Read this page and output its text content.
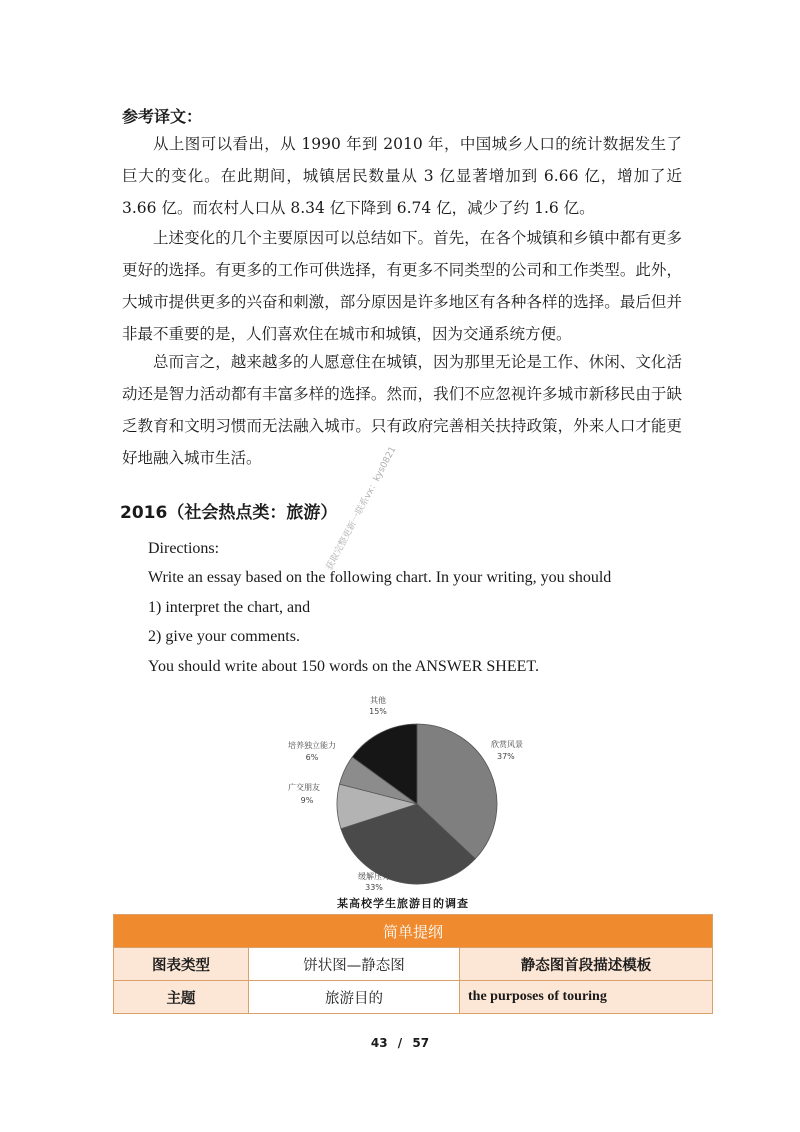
参考译文：
从上图可以看出，从 1990 年到 2010 年，中国城乡人口的统计数据发生了巨大的变化。在此期间，城镇居民数量从 3 亿显著增加到 6.66 亿，增加了近 3.66 亿。而农村人口从 8.34 亿下降到 6.74 亿，减少了约 1.6 亿。
上述变化的几个主要原因可以总结如下。首先，在各个城镇和乡镇中都有更多更好的选择。有更多的工作可供选择，有更多不同类型的公司和工作类型。此外，大城市提供更多的兴奋和刺激，部分原因是许多地区有各种各样的选择。最后但并非最不重要的是，人们喜欢住在城市和城镇，因为交通系统方便。
总而言之，越来越多的人愿意住在城镇，因为那里无论是工作、休闲、文化活动还是智力活动都有丰富多样的选择。然而，我们不应忽视许多城市新移民由于缺乏教育和文明习惯而无法融入城市。只有政府完善相关扶持政策，外来人口才能更好地融入城市生活。
2016（社会热点类：旅游）
Directions:
Write an essay based on the following chart. In your writing, you should
1) interpret the chart, and
2) give your comments.
You should write about 150 words on the ANSWER SHEET.
获取完整更新一联系vx：kys0821
其他
15%
欣赏风景
37%
培养独立能力
6%
广交朋友
9%
缓解压力
33%
某高校学生旅游目的调查
简单提纲		
图表类型	饼状图—静态图	静态图首段描述模板
主题	旅游目的	the purposes of touring
43 / 57
